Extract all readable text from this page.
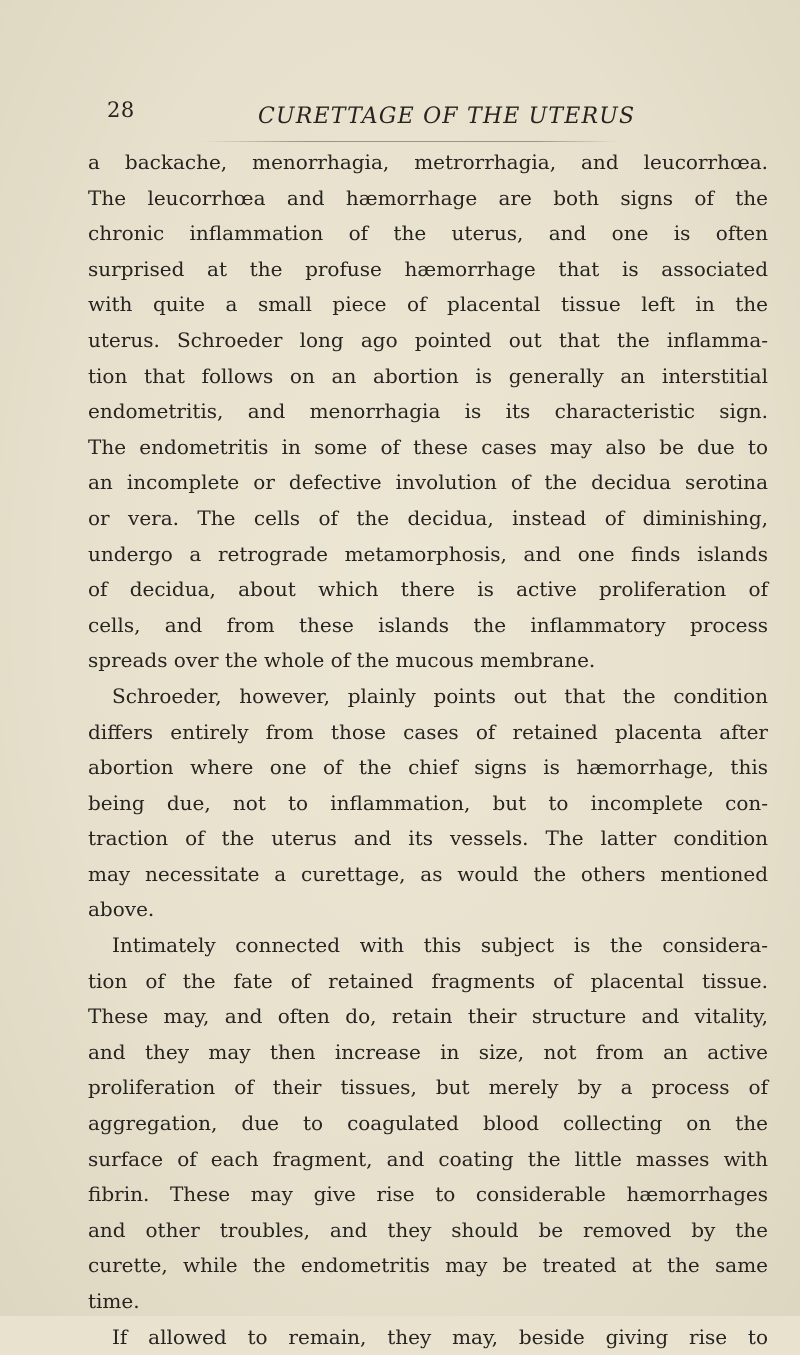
28	CURETTAGE OF THE UTERUS
a backache, menorrhagia, metrorrhagia, and leucorrhœa.
The leucorrhœa and hæmorrhage are both signs of the
chronic inflammation of the uterus, and one is often
surprised at the profuse hæmorrhage that is associated
with quite a small piece of placental tissue left in the
uterus. Schroeder long ago pointed out that the inflamma-
tion that follows on an abortion is generally an interstitial
endometritis, and menorrhagia is its characteristic sign.
The endometritis in some of these cases may also be due to
an incomplete or defective involution of the decidua serotina
or vera. The cells of the decidua, instead of diminishing,
undergo a retrograde metamorphosis, and one finds islands
of decidua, about which there is active proliferation of
cells, and from these islands the inflammatory process
spreads over the whole of the mucous membrane.
Schroeder, however, plainly points out that the condition
differs entirely from those cases of retained placenta after
abortion where one of the chief signs is hæmorrhage, this
being due, not to inflammation, but to incomplete con-
traction of the uterus and its vessels. The latter condition
may necessitate a curettage, as would the others mentioned
above.
Intimately connected with this subject is the considera-
tion of the fate of retained fragments of placental tissue.
These may, and often do, retain their structure and vitality,
and they may then increase in size, not from an active
proliferation of their tissues, but merely by a process of
aggregation, due to coagulated blood collecting on the
surface of each fragment, and coating the little masses with
fibrin. These may give rise to considerable hæmorrhages
and other troubles, and they should be removed by the
curette, while the endometritis may be treated at the same
time.
If allowed to remain, they may, beside giving rise to
